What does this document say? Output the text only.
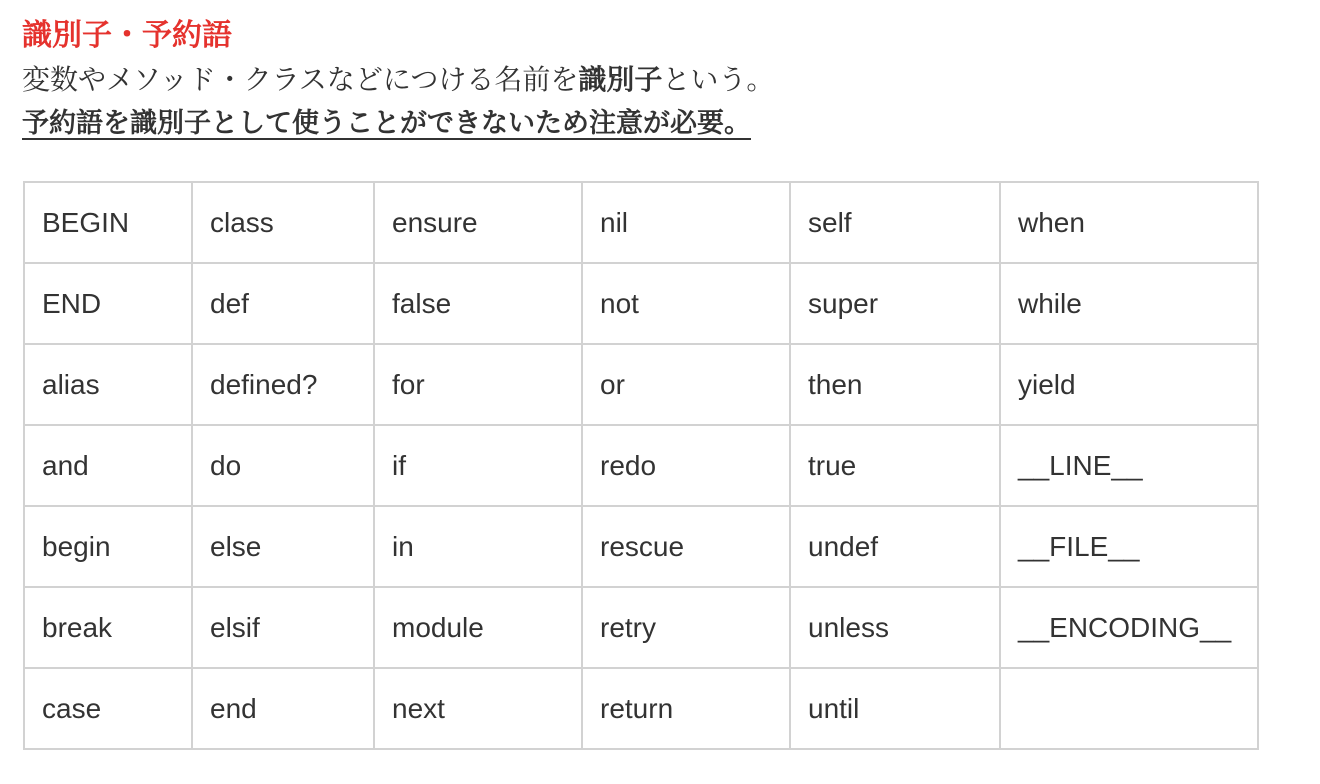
識別子・予約語

変数やメソッド・クラスなどにつける名前を識別子という。

予約語を識別子として使うことができないため注意が必要。

BEGIN	class	ensure	nil	self	when
END	def	false	not	super	while
alias	defined?	for	or	then	yield
and	do	if	redo	true	__LINE__
begin	else	in	rescue	undef	__FILE__
break	elsif	module	retry	unless	__ENCODING__
case	end	next	return	until	
